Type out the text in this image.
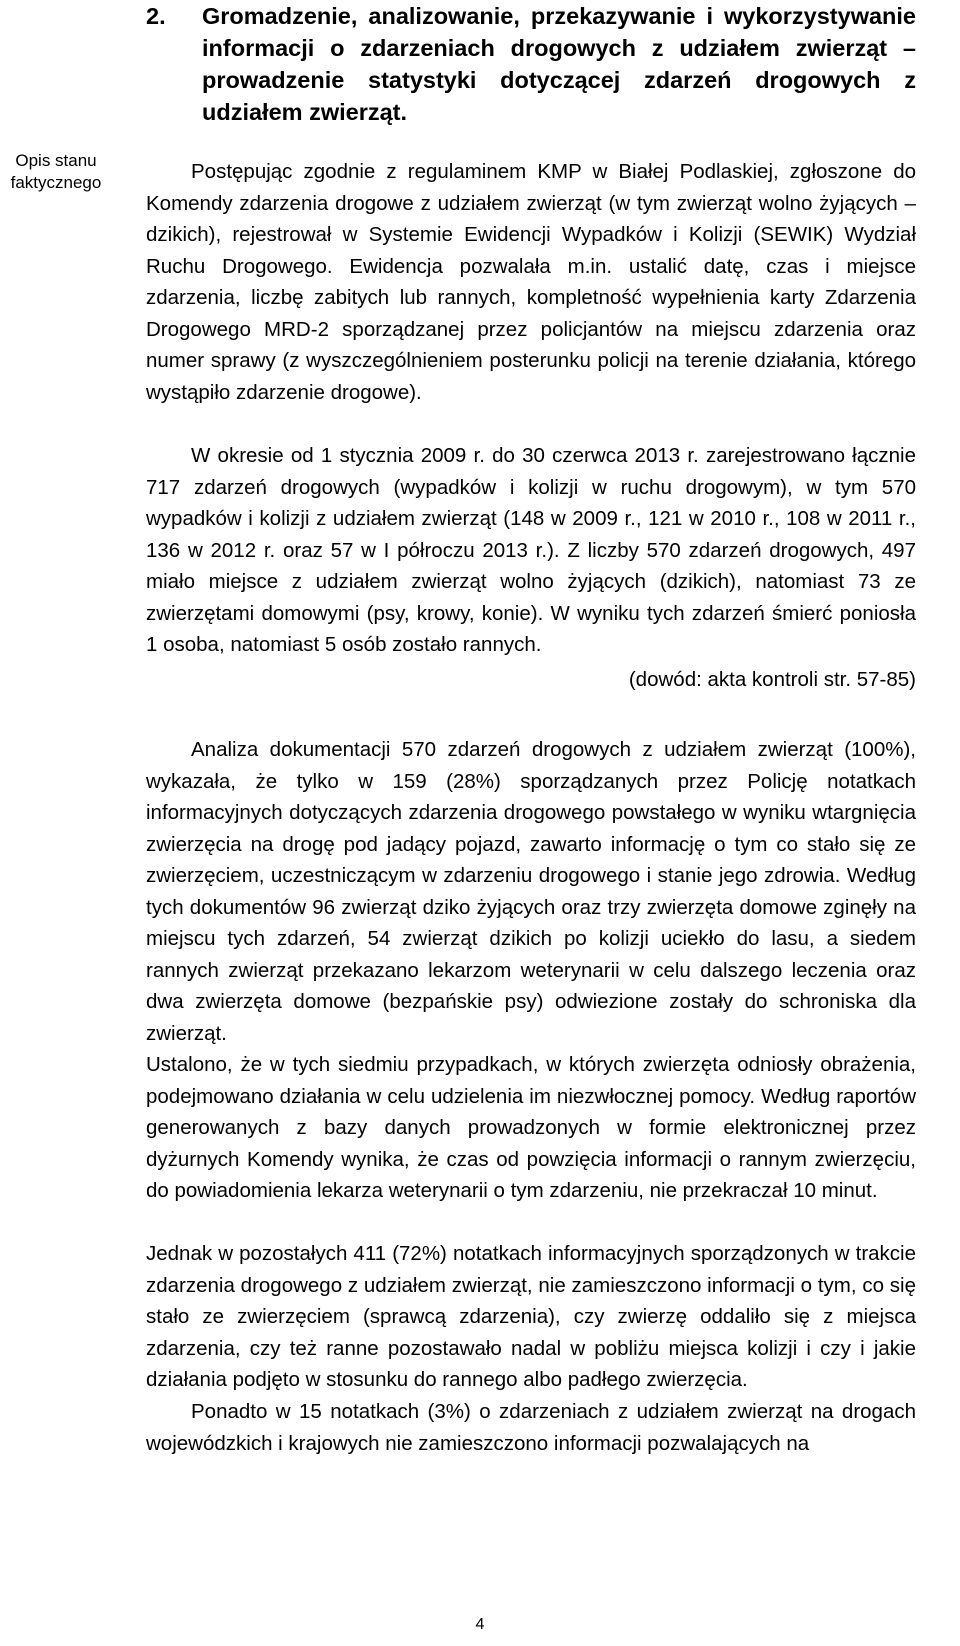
Opis stanu
faktycznego
2. Gromadzenie, analizowanie, przekazywanie i wykorzystywanie informacji o zdarzeniach drogowych z udziałem zwierząt – prowadzenie statystyki dotyczącej zdarzeń drogowych z udziałem zwierząt.
Postępując zgodnie z regulaminem KMP w Białej Podlaskiej, zgłoszone do Komendy zdarzenia drogowe z udziałem zwierząt (w tym zwierząt wolno żyjących – dzikich), rejestrował w Systemie Ewidencji Wypadków i Kolizji (SEWIK) Wydział Ruchu Drogowego. Ewidencja pozwalała m.in. ustalić datę, czas i miejsce zdarzenia, liczbę zabitych lub rannych, kompletność wypełnienia karty Zdarzenia Drogowego MRD-2 sporządzanej przez policjantów na miejscu zdarzenia oraz numer sprawy (z wyszczególnieniem posterunku policji na terenie działania, którego wystąpiło zdarzenie drogowe).
W okresie od 1 stycznia 2009 r. do 30 czerwca 2013 r. zarejestrowano łącznie 717 zdarzeń drogowych (wypadków i kolizji w ruchu drogowym), w tym 570 wypadków i kolizji z udziałem zwierząt (148 w 2009 r., 121 w 2010 r., 108 w 2011 r., 136 w 2012 r. oraz 57 w I półroczu 2013 r.). Z liczby 570 zdarzeń drogowych, 497 miało miejsce z udziałem zwierząt wolno żyjących (dzikich), natomiast 73 ze zwierzętami domowymi (psy, krowy, konie). W wyniku tych zdarzeń śmierć poniosła 1 osoba, natomiast 5 osób zostało rannych.
(dowód: akta kontroli str. 57-85)
Analiza dokumentacji 570 zdarzeń drogowych z udziałem zwierząt (100%), wykazała, że tylko w 159 (28%) sporządzanych przez Policję notatkach informacyjnych dotyczących zdarzenia drogowego powstałego w wyniku wtargnięcia zwierzęcia na drogę pod jadący pojazd, zawarto informację o tym co stało się ze zwierzęciem, uczestniczącym w zdarzeniu drogowego i stanie jego zdrowia. Według tych dokumentów 96 zwierząt dziko żyjących oraz trzy zwierzęta domowe zginęły na miejscu tych zdarzeń, 54 zwierząt dzikich po kolizji uciekło do lasu, a siedem rannych zwierząt przekazano lekarzom weterynarii w celu dalszego leczenia oraz dwa zwierzęta domowe (bezpańskie psy) odwiezione zostały do schroniska dla zwierząt.
Ustalono, że w tych siedmiu przypadkach, w których zwierzęta odniosły obrażenia, podejmowano działania w celu udzielenia im niezwłocznej pomocy. Według raportów generowanych z bazy danych prowadzonych w formie elektronicznej przez dyżurnych Komendy wynika, że czas od powzięcia informacji o rannym zwierzęciu, do powiadomienia lekarza weterynarii o tym zdarzeniu, nie przekraczał 10 minut.
Jednak w pozostałych 411 (72%) notatkach informacyjnych sporządzonych w trakcie zdarzenia drogowego z udziałem zwierząt, nie zamieszczono informacji o tym, co się stało ze zwierzęciem (sprawcą zdarzenia), czy zwierzę oddaliło się z miejsca zdarzenia, czy też ranne pozostawało nadal w pobliżu miejsca kolizji i czy i jakie działania podjęto w stosunku do rannego albo padłego zwierzęcia.
Ponadto w 15 notatkach (3%) o zdarzeniach z udziałem zwierząt na drogach wojewódzkich i krajowych nie zamieszczono informacji pozwalających na
4
